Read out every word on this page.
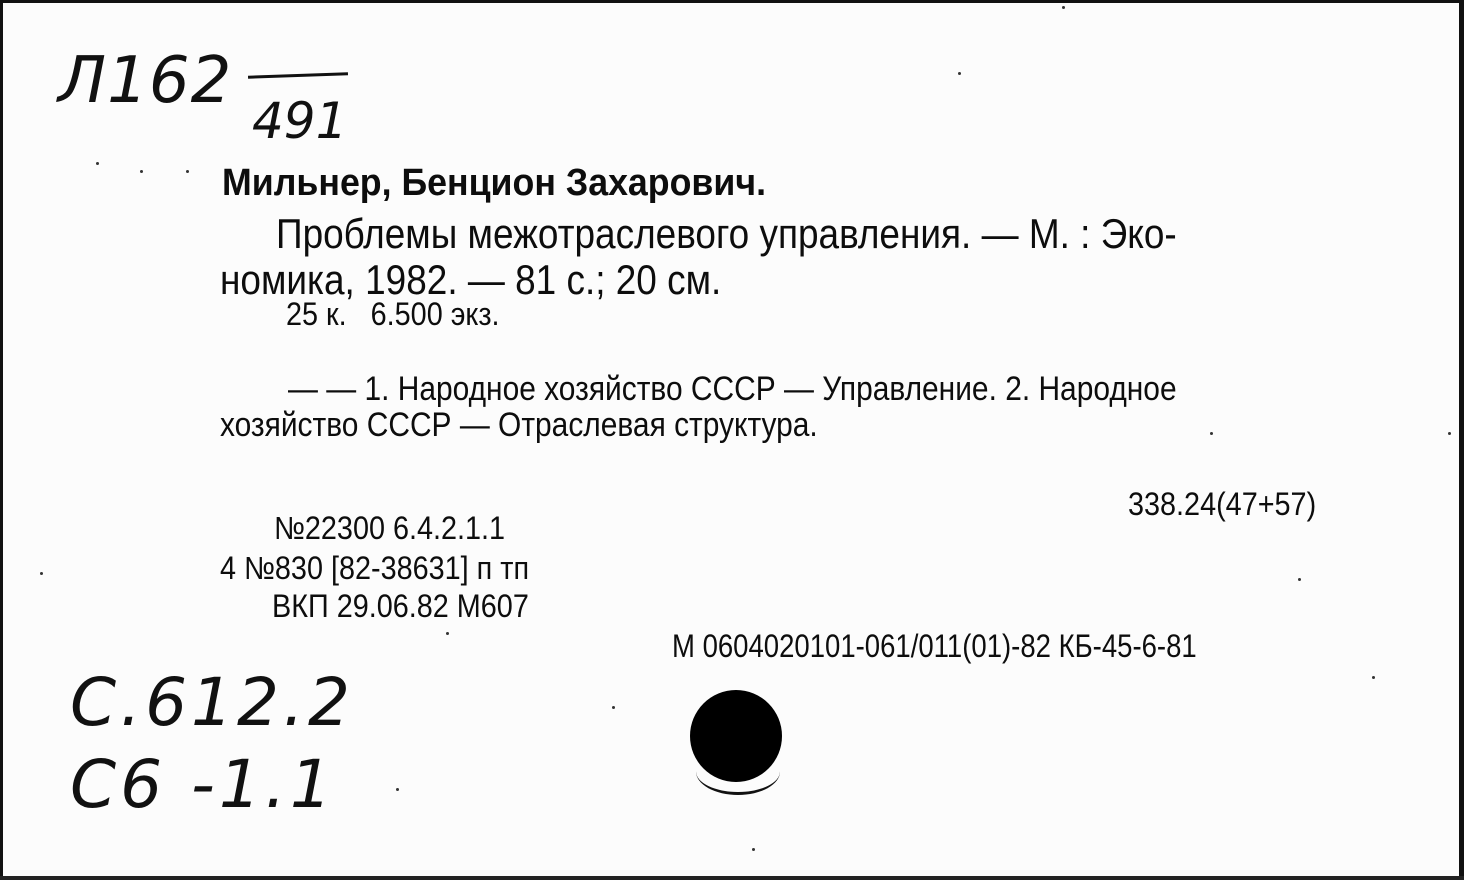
Л162
491
Мильнер, Бенцион Захарович.
Проблемы межотраслевого управления. — М. : Эко-
номика, 1982. — 81 с.; 20 см.
25 к.   6.500 экз.
— — 1. Народное хозяйство СССР — Управление. 2. Народное
хозяйство СССР — Отраслевая структура.
338.24(47+57)
№22300 6.4.2.1.1
4 №830 [82-38631] п тп
ВКП 29.06.82 М607
М 0604020101-061/011(01)-82 КБ-45-6-81
С.612.2
С6 -1.1
